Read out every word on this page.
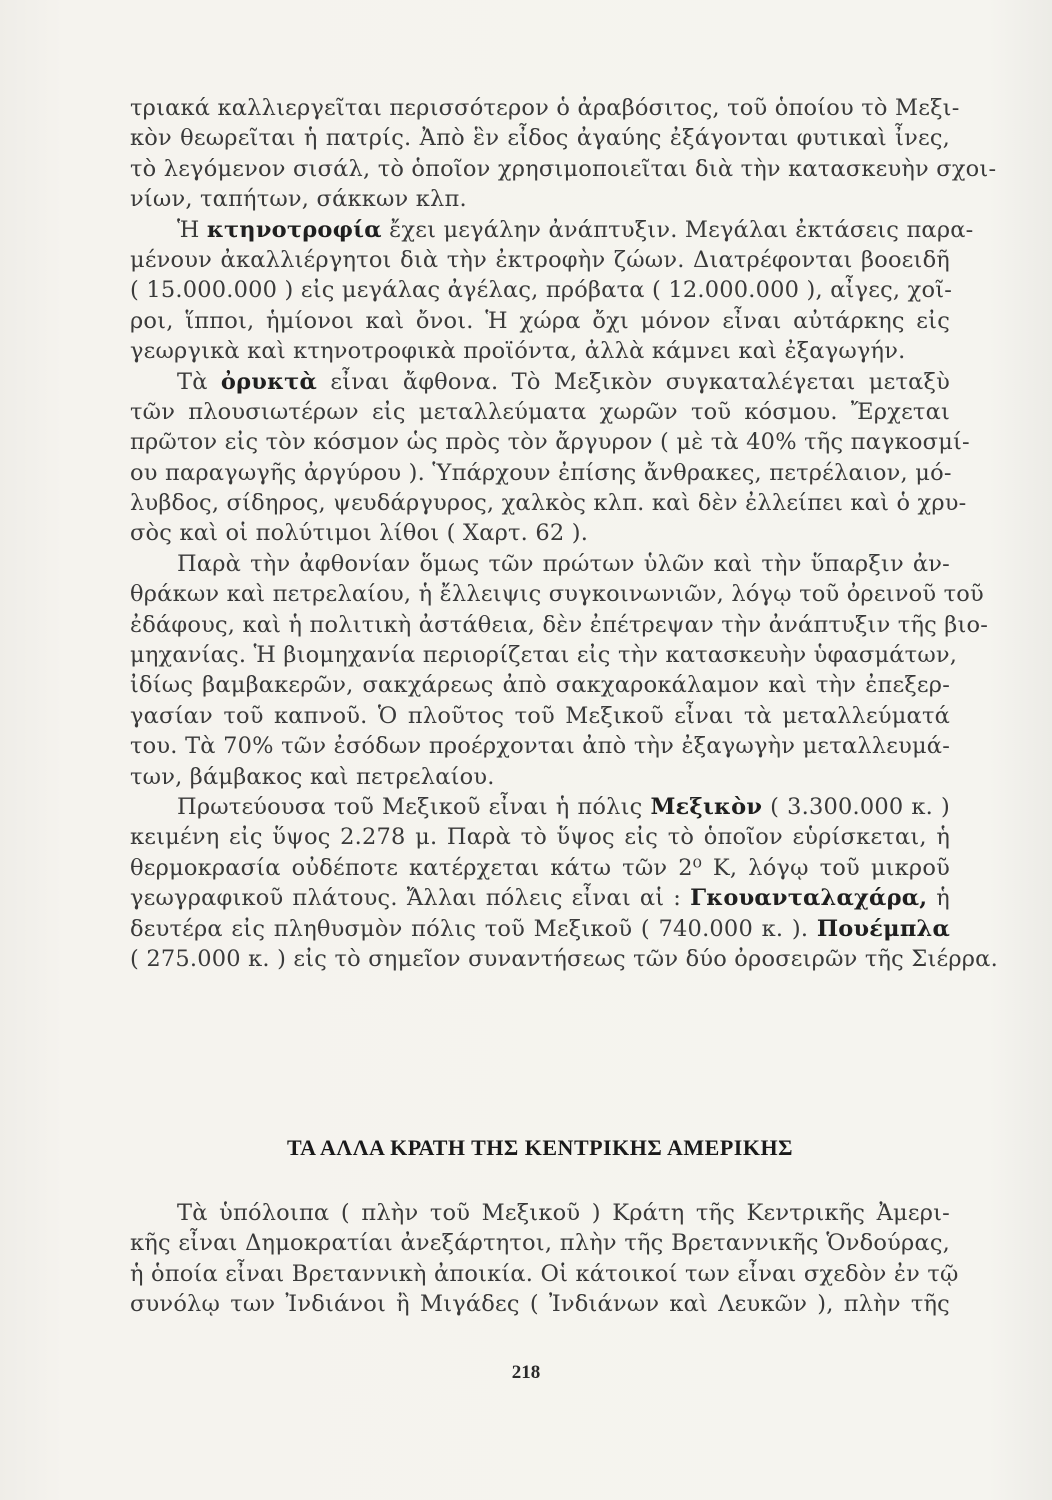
τριακά καλλιεργεῖται περισσότερον ὁ ἀραβόσιτος, τοῦ ὁποίου τὸ Μεξι-
κὸν θεωρεῖται ἡ πατρίς. Ἀπὸ ἓν εἶδος ἀγαύης ἐξάγονται φυτικαὶ ἶνες,
τὸ λεγόμενον σισάλ, τὸ ὁποῖον χρησιμοποιεῖται διὰ τὴν κατασκευὴν σχοι-
νίων, ταπήτων, σάκκων κλπ.
Ἡ κτηνοτροφία ἔχει μεγάλην ἀνάπτυξιν. Μεγάλαι ἐκτάσεις παρα-
μένουν ἀκαλλιέργητοι διὰ τὴν ἐκτροφὴν ζώων. Διατρέφονται βοοειδῆ
( 15.000.000 ) εἰς μεγάλας ἀγέλας, πρόβατα ( 12.000.000 ), αἶγες, χοῖ-
ροι, ἵπποι, ἡμίονοι καὶ ὄνοι. Ἡ χώρα ὄχι μόνον εἶναι αὐτάρκης εἰς
γεωργικὰ καὶ κτηνοτροφικὰ προϊόντα, ἀλλὰ κάμνει καὶ ἐξαγωγήν.
Τὰ ὀρυκτὰ εἶναι ἄφθονα. Τὸ Μεξικὸν συγκαταλέγεται μεταξὺ
τῶν πλουσιωτέρων εἰς μεταλλεύματα χωρῶν τοῦ κόσμου. Ἔρχεται
πρῶτον εἰς τὸν κόσμον ὡς πρὸς τὸν ἄργυρον ( μὲ τὰ 40% τῆς παγκοσμί-
ου παραγωγῆς ἀργύρου ). Ὑπάρχουν ἐπίσης ἄνθρακες, πετρέλαιον, μό-
λυβδος, σίδηρος, ψευδάργυρος, χαλκὸς κλπ. καὶ δὲν ἐλλείπει καὶ ὁ χρυ-
σὸς καὶ οἱ πολύτιμοι λίθοι ( Χαρτ. 62 ).
Παρὰ τὴν ἀφθονίαν ὅμως τῶν πρώτων ὑλῶν καὶ τὴν ὕπαρξιν ἀν-
θράκων καὶ πετρελαίου, ἡ ἔλλειψις συγκοινωνιῶν, λόγῳ τοῦ ὀρεινοῦ τοῦ
ἐδάφους, καὶ ἡ πολιτικὴ ἀστάθεια, δὲν ἐπέτρεψαν τὴν ἀνάπτυξιν τῆς βιο-
μηχανίας. Ἡ βιομηχανία περιορίζεται εἰς τὴν κατασκευὴν ὑφασμάτων,
ἰδίως βαμβακερῶν, σακχάρεως ἀπὸ σακχαροκάλαμον καὶ τὴν ἐπεξερ-
γασίαν τοῦ καπνοῦ. Ὁ πλοῦτος τοῦ Μεξικοῦ εἶναι τὰ μεταλλεύματά
του. Τὰ 70% τῶν ἐσόδων προέρχονται ἀπὸ τὴν ἐξαγωγὴν μεταλλευμά-
των, βάμβακος καὶ πετρελαίου.
Πρωτεύουσα τοῦ Μεξικοῦ εἶναι ἡ πόλις Μεξικὸν ( 3.300.000 κ. )
κειμένη εἰς ὕψος 2.278 μ. Παρὰ τὸ ὕψος εἰς τὸ ὁποῖον εὑρίσκεται, ἡ
θερμοκρασία οὐδέποτε κατέρχεται κάτω τῶν 2⁰ Κ, λόγῳ τοῦ μικροῦ
γεωγραφικοῦ πλάτους. Ἄλλαι πόλεις εἶναι αἱ : Γκουανταλαχάρα, ἡ
δευτέρα εἰς πληθυσμὸν πόλις τοῦ Μεξικοῦ ( 740.000 κ. ). Πουέμπλα
( 275.000 κ. ) εἰς τὸ σημεῖον συναντήσεως τῶν δύο ὀροσειρῶν τῆς Σιέρρα.
ΤΑ ΑΛΛΑ ΚΡΑΤΗ ΤΗΣ ΚΕΝΤΡΙΚΗΣ ΑΜΕΡΙΚΗΣ
Τὰ ὑπόλοιπα ( πλὴν τοῦ Μεξικοῦ ) Κράτη τῆς Κεντρικῆς Ἀμερι-
κῆς εἶναι Δημοκρατίαι ἀνεξάρτητοι, πλὴν τῆς Βρεταννικῆς Ὁνδούρας,
ἡ ὁποία εἶναι Βρεταννικὴ ἀποικία. Οἱ κάτοικοί των εἶναι σχεδὸν ἐν τῷ
συνόλῳ των Ἰνδιάνοι ἢ Μιγάδες ( Ἰνδιάνων καὶ Λευκῶν ), πλὴν τῆς
218
